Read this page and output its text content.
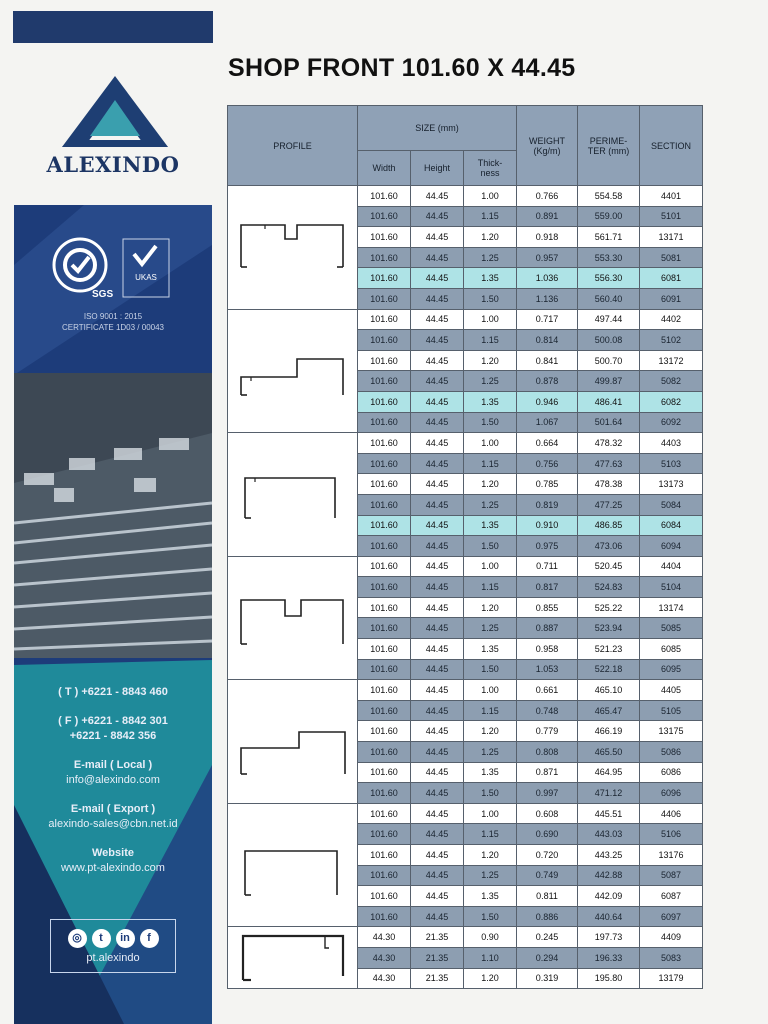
ALEXINDO
SGS
UKAS
ISO 9001 : 2015
CERTIFICATE 1D03 / 00043
( T ) +6221 - 8843 460
( F ) +6221 - 8842 301
+6221 - 8842 356
E-mail ( Local )
info@alexindo.com
E-mail ( Export )
alexindo-sales@cbn.net.id
Website
www.pt-alexindo.com
◎	t	in	f
pt.alexindo
SHOP FRONT 101.60 X 44.45
PROFILE	SIZE (mm)			WEIGHT (Kg/m)	PERIME-TER (mm)	SECTION
	Width	Height	Thick-ness			

	101.60	44.45	1.00	0.766	554.58	4401
	101.60	44.45	1.15	0.891	559.00	5101
	101.60	44.45	1.20	0.918	561.71	13171
	101.60	44.45	1.25	0.957	553.30	5081
	101.60	44.45	1.35	1.036	556.30	6081
	101.60	44.45	1.50	1.136	560.40	6091

	101.60	44.45	1.00	0.717	497.44	4402
	101.60	44.45	1.15	0.814	500.08	5102
	101.60	44.45	1.20	0.841	500.70	13172
	101.60	44.45	1.25	0.878	499.87	5082
	101.60	44.45	1.35	0.946	486.41	6082
	101.60	44.45	1.50	1.067	501.64	6092

	101.60	44.45	1.00	0.664	478.32	4403
	101.60	44.45	1.15	0.756	477.63	5103
	101.60	44.45	1.20	0.785	478.38	13173
	101.60	44.45	1.25	0.819	477.25	5084
	101.60	44.45	1.35	0.910	486.85	6084
	101.60	44.45	1.50	0.975	473.06	6094

	101.60	44.45	1.00	0.711	520.45	4404
	101.60	44.45	1.15	0.817	524.83	5104
	101.60	44.45	1.20	0.855	525.22	13174
	101.60	44.45	1.25	0.887	523.94	5085
	101.60	44.45	1.35	0.958	521.23	6085
	101.60	44.45	1.50	1.053	522.18	6095

	101.60	44.45	1.00	0.661	465.10	4405
	101.60	44.45	1.15	0.748	465.47	5105
	101.60	44.45	1.20	0.779	466.19	13175
	101.60	44.45	1.25	0.808	465.50	5086
	101.60	44.45	1.35	0.871	464.95	6086
	101.60	44.45	1.50	0.997	471.12	6096

	101.60	44.45	1.00	0.608	445.51	4406
	101.60	44.45	1.15	0.690	443.03	5106
	101.60	44.45	1.20	0.720	443.25	13176
	101.60	44.45	1.25	0.749	442.88	5087
	101.60	44.45	1.35	0.811	442.09	6087
	101.60	44.45	1.50	0.886	440.64	6097

	44.30	21.35	0.90	0.245	197.73	4409
	44.30	21.35	1.10	0.294	196.33	5083
	44.30	21.35	1.20	0.319	195.80	13179
